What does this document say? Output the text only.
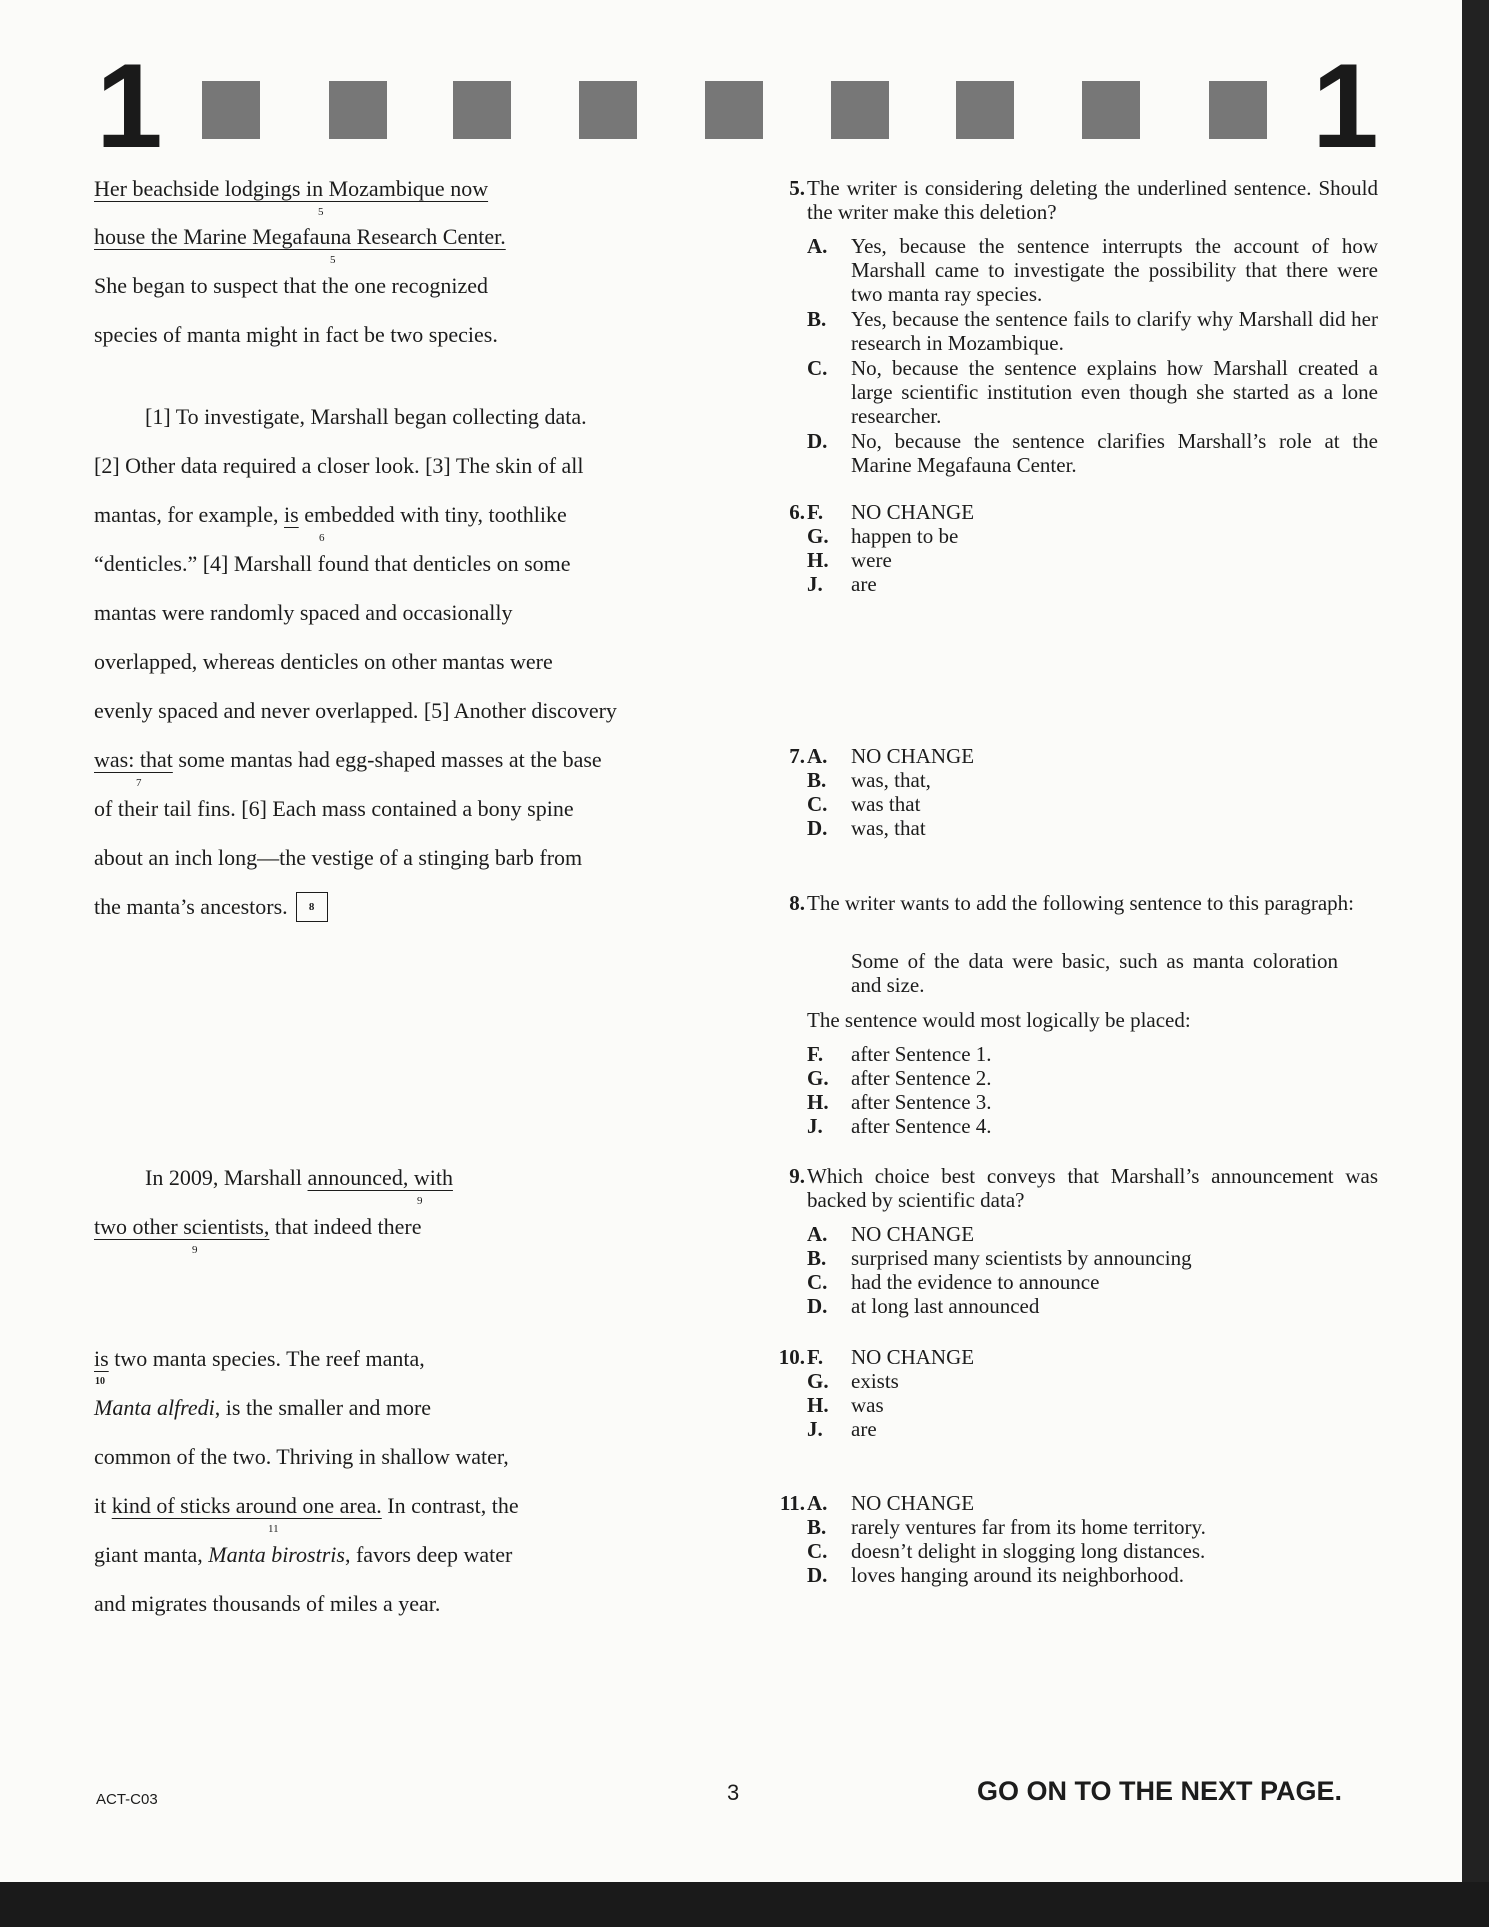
1	1
Her beachside lodgings in Mozambique now
5
house the Marine Megafauna Research Center.
5
She began to suspect that the one recognized
species of manta might in fact be two species.
[1] To investigate, Marshall began collecting data.
[2] Other data required a closer look. [3] The skin of all
mantas, for example, is embedded with tiny, toothlike
6
“denticles.” [4] Marshall found that denticles on some
mantas were randomly spaced and occasionally
overlapped, whereas denticles on other mantas were
evenly spaced and never overlapped. [5] Another discovery
was: that some mantas had egg-shaped masses at the base
7
of their tail fins. [6] Each mass contained a bony spine
about an inch long—the vestige of a stinging barb from
the manta’s ancestors. 8
In 2009, Marshall announced, with
9
two other scientists, that indeed there
9
is two manta species. The reef manta,
10
Manta alfredi, is the smaller and more
common of the two. Thriving in shallow water,
it kind of sticks around one area. In contrast, the
11
giant manta, Manta birostris, favors deep water
and migrates thousands of miles a year.
5. The writer is considering deleting the underlined sentence. Should the writer make this deletion?
A.	Yes, because the sentence interrupts the account of how Marshall came to investigate the possibility that there were two manta ray species.
B.	Yes, because the sentence fails to clarify why Marshall did her research in Mozambique.
C.	No, because the sentence explains how Marshall created a large scientific institution even though she started as a lone researcher.
D.	No, because the sentence clarifies Marshall’s role at the Marine Megafauna Center.
6. F.	NO CHANGE
G.	happen to be
H.	were
J.	are
7. A.	NO CHANGE
B.	was, that,
C.	was that
D.	was, that
8. The writer wants to add the following sentence to this paragraph:
Some of the data were basic, such as manta coloration and size.
The sentence would most logically be placed:
F.	after Sentence 1.
G.	after Sentence 2.
H.	after Sentence 3.
J.	after Sentence 4.
9. Which choice best conveys that Marshall’s announcement was backed by scientific data?
A.	NO CHANGE
B.	surprised many scientists by announcing
C.	had the evidence to announce
D.	at long last announced
10. F.	NO CHANGE
G.	exists
H.	was
J.	are
11. A.	NO CHANGE
B.	rarely ventures far from its home territory.
C.	doesn’t delight in slogging long distances.
D.	loves hanging around its neighborhood.
ACT-C03	3	GO ON TO THE NEXT PAGE.
